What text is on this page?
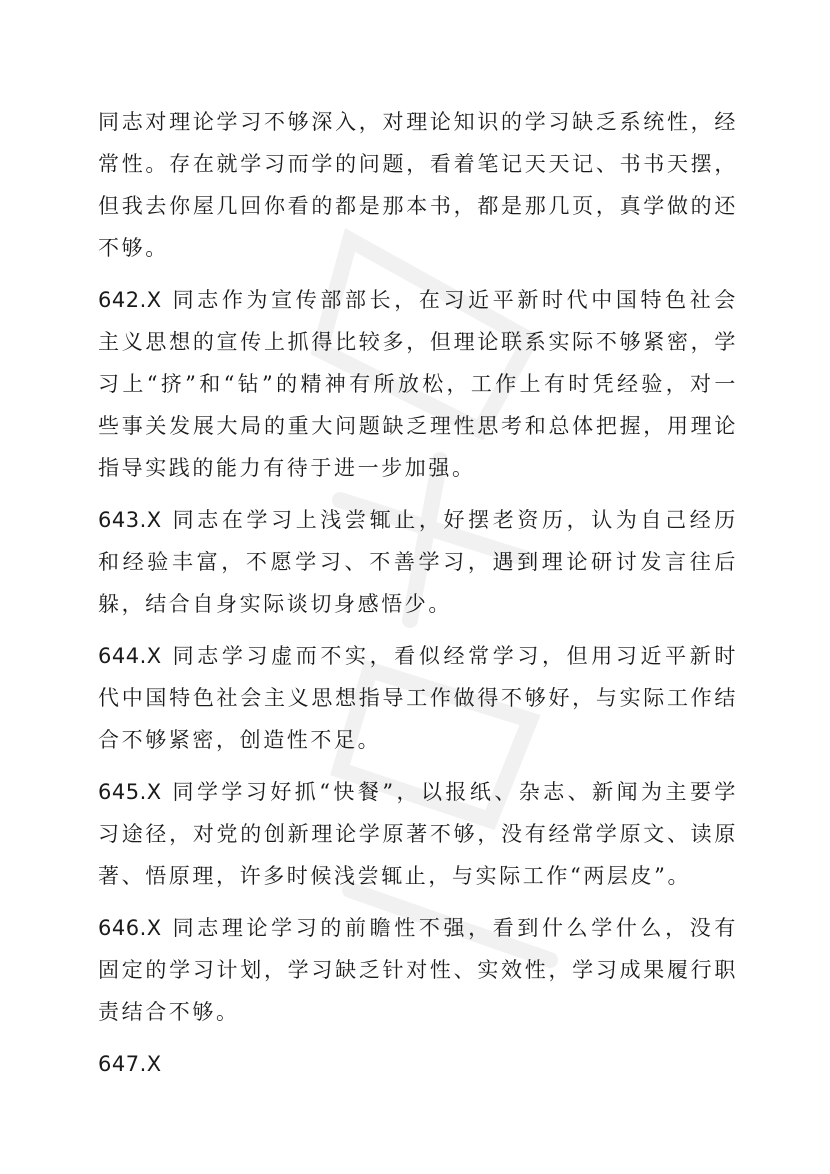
同志对理论学习不够深入，对理论知识的学习缺乏系统性，经常性。存在就学习而学的问题，看着笔记天天记、书书天摆，但我去你屋几回你看的都是那本书，都是那几页，真学做的还不够。

642.X 同志作为宣传部部长，在习近平新时代中国特色社会主义思想的宣传上抓得比较多，但理论联系实际不够紧密，学习上“挤”和“钻”的精神有所放松，工作上有时凭经验，对一些事关发展大局的重大问题缺乏理性思考和总体把握，用理论指导实践的能力有待于进一步加强。

643.X 同志在学习上浅尝辄止，好摆老资历，认为自己经历和经验丰富，不愿学习、不善学习，遇到理论研讨发言往后躲，结合自身实际谈切身感悟少。

644.X 同志学习虚而不实，看似经常学习，但用习近平新时代中国特色社会主义思想指导工作做得不够好，与实际工作结合不够紧密，创造性不足。

645.X 同学学习好抓“快餐”，以报纸、杂志、新闻为主要学习途径，对党的创新理论学原著不够，没有经常学原文、读原著、悟原理，许多时候浅尝辄止，与实际工作“两层皮”。

646.X 同志理论学习的前瞻性不强，看到什么学什么，没有固定的学习计划，学习缺乏针对性、实效性，学习成果履行职责结合不够。

647.X
